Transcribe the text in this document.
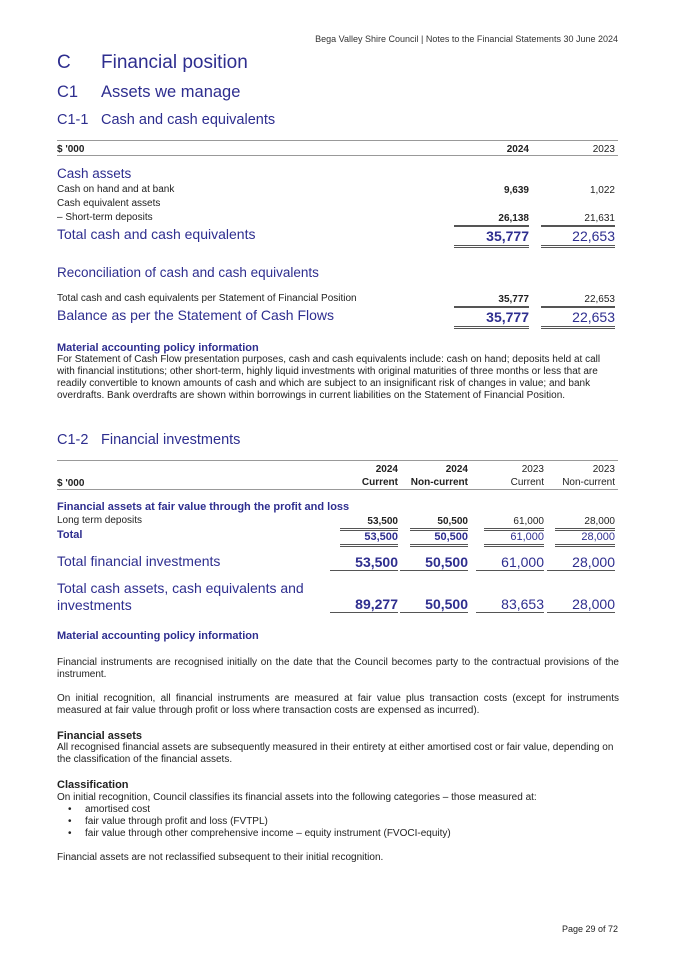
Bega Valley Shire Council | Notes to the Financial Statements 30 June 2024
C Financial position
C1 Assets we manage
C1-1 Cash and cash equivalents
$ '000	2024	2023
Cash assets
Cash on hand and at bank	9,639	1,022
Cash equivalent assets
– Short-term deposits	26,138	21,631
Total cash and cash equivalents	35,777	22,653
Reconciliation of cash and cash equivalents
Total cash and cash equivalents per Statement of Financial Position	35,777	22,653
Balance as per the Statement of Cash Flows	35,777	22,653
Material accounting policy information
For Statement of Cash Flow presentation purposes, cash and cash equivalents include: cash on hand; deposits held at call with financial institutions; other short-term, highly liquid investments with original maturities of three months or less that are readily convertible to known amounts of cash and which are subject to an insignificant risk of changes in value; and bank overdrafts. Bank overdrafts are shown within borrowings in current liabilities on the Statement of Financial Position.
C1-2 Financial investments
2024	2024	2023	2023
$ '000	Current	Non-current	Current	Non-current
Financial assets at fair value through the profit and loss
Long term deposits	53,500	50,500	61,000	28,000
Total	53,500	50,500	61,000	28,000
Total financial investments	53,500	50,500	61,000	28,000
Total cash assets, cash equivalents and
investments	89,277	50,500	83,653	28,000
Material accounting policy information
Financial instruments are recognised initially on the date that the Council becomes party to the contractual provisions of the instrument.
On initial recognition, all financial instruments are measured at fair value plus transaction costs (except for instruments measured at fair value through profit or loss where transaction costs are expensed as incurred).
Financial assets
All recognised financial assets are subsequently measured in their entirety at either amortised cost or fair value, depending on the classification of the financial assets.
Classification
On initial recognition, Council classifies its financial assets into the following categories – those measured at:
• amortised cost
• fair value through profit and loss (FVTPL)
• fair value through other comprehensive income – equity instrument (FVOCI-equity)
Financial assets are not reclassified subsequent to their initial recognition.
Page 29 of 72
